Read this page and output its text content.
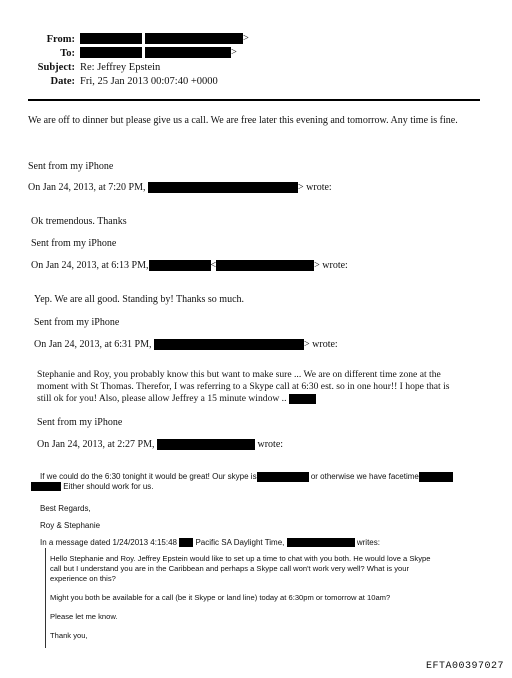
From:	>
To:	>
Subject: Re: Jeffrey Epstein
Date: Fri, 25 Jan 2013 00:07:40 +0000
We are off to dinner but please give us a call. We are free later this evening and tomorrow. Any time is fine.
Sent from my iPhone
On Jan 24, 2013, at 7:20 PM,	> wrote:
Ok tremendous. Thanks
Sent from my iPhone
On Jan 24, 2013, at 6:13 PM,	<	> wrote:
Yep. We are all good. Standing by! Thanks so much.
Sent from my iPhone
On Jan 24, 2013, at 6:31 PM,	> wrote:
Stephanie and Roy, you probably know this but want to make sure ... We are on different time zone at the
moment with St Thomas. Therefor, I was referring to a Skype call at 6:30 est. so in one hour!! I hope that is
still ok for you! Also, please allow Jeffrey a 15 minute window ..
Sent from my iPhone
On Jan 24, 2013, at 2:27 PM,	wrote:
If we could do the 6:30 tonight it would be great! Our skype is	or otherwise we have facetime
Either should work for us.
Best Regards,
Roy & Stephanie
In a message dated 1/24/2013 4:15:48 Pacific SA Daylight Time,	writes:
Hello Stephanie and Roy. Jeffrey Epstein would like to set up a time to chat with you both. He would love a Skype
call but I understand you are in the Caribbean and perhaps a Skype call won't work very well? What is your
experience on this?
Might you both be available for a call (be it Skype or land line) today at 6:30pm or tomorrow at 10am?
Please let me know.
Thank you,
EFTA00397027
